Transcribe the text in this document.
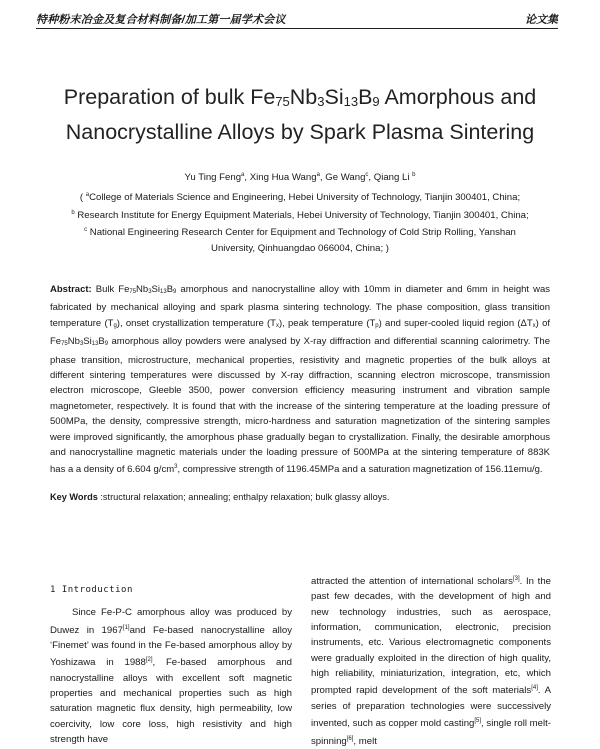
特种粉末冶金及复合材料制备/加工第一届学术会议	论文集
Preparation of bulk $Fe_{75}Nb_3Si_{13}B_9$ Amorphous and
Nanocrystalline Alloys by Spark Plasma Sintering
Yu Ting Feng$^a$, Xing Hua Wang$^a$, Ge Wang$^c$, Qiang Li $^b$
( $^a$College of Materials Science and Engineering, Hebei University of Technology, Tianjin 300401, China;
$^b$ Research Institute for Energy Equipment Materials, Hebei University of Technology, Tianjin 300401, China;
$^c$ National Engineering Research Center for Equipment and Technology of Cold Strip Rolling, Yanshan
University, Qinhuangdao 066004, China; )
Abstract: Bulk $Fe_{75}Nb_3Si_{13}B_9$ amorphous and nanocrystalline alloy with 10mm in diameter and 6mm in height was fabricated by mechanical alloying and spark plasma sintering technology. The phase composition, glass transition temperature $(T_g)$, onset crystallization temperature $(T_x)$, peak temperature $(T_p)$ and super-cooled liquid region $(\Delta T_x)$ of $Fe_{75}Nb_3Si_{13}B_9$ amorphous alloy powders were analysed by X-ray diffraction and differential scanning calorimetry. The phase transition, microstructure, mechanical properties, resistivity and magnetic properties of the bulk alloys at different sintering temperatures were discussed by X-ray diffraction, scanning electron microscope, transmission electron microscope, Gleeble 3500, power conversion efficiency measuring instrument and vibration sample magnetometer, respectively. It is found that with the increase of the sintering temperature at the loading pressure of 500MPa, the density, compressive strength, micro-hardness and saturation magnetization of the sintering samples were improved significantly, the amorphous phase gradually began to crystallization. Finally, the desirable amorphous and nanocrystalline magnetic materials under the loading pressure of 500MPa at the sintering temperature of 883K has a a density of 6.604 $g/cm^3$, compressive strength of 1196.45MPa and a saturation magnetization of 156.11emu/g.
Key Words :structural relaxation; annealing; enthalpy relaxation; bulk glassy alloys.
1 Introduction
Since Fe-P-C amorphous alloy was produced by Duwez in 1967[1]and Fe-based nanocrystalline alloy ‘Finemet’ was found in the Fe-based amorphous alloy by Yoshizawa in 1988[2], Fe-based amorphous and nanocrystalline alloys with excellent soft magnetic properties and mechanical properties such as high saturation magnetic flux density, high permeability, low coercivity, low core loss, high resistivity and high strength have
attracted the attention of international scholars[3]. In the past few decades, with the development of high and new technology industries, such as aerospace, information, communication, electronic, precision instruments, etc. Various electromagnetic components were gradually exploited in the direction of high quality, high reliability, miniaturization, integration, etc, which prompted rapid development of the soft materials[4]. A series of preparation technologies were successively invented, such as copper mold casting[5], single roll melt-spinning[6], melt
